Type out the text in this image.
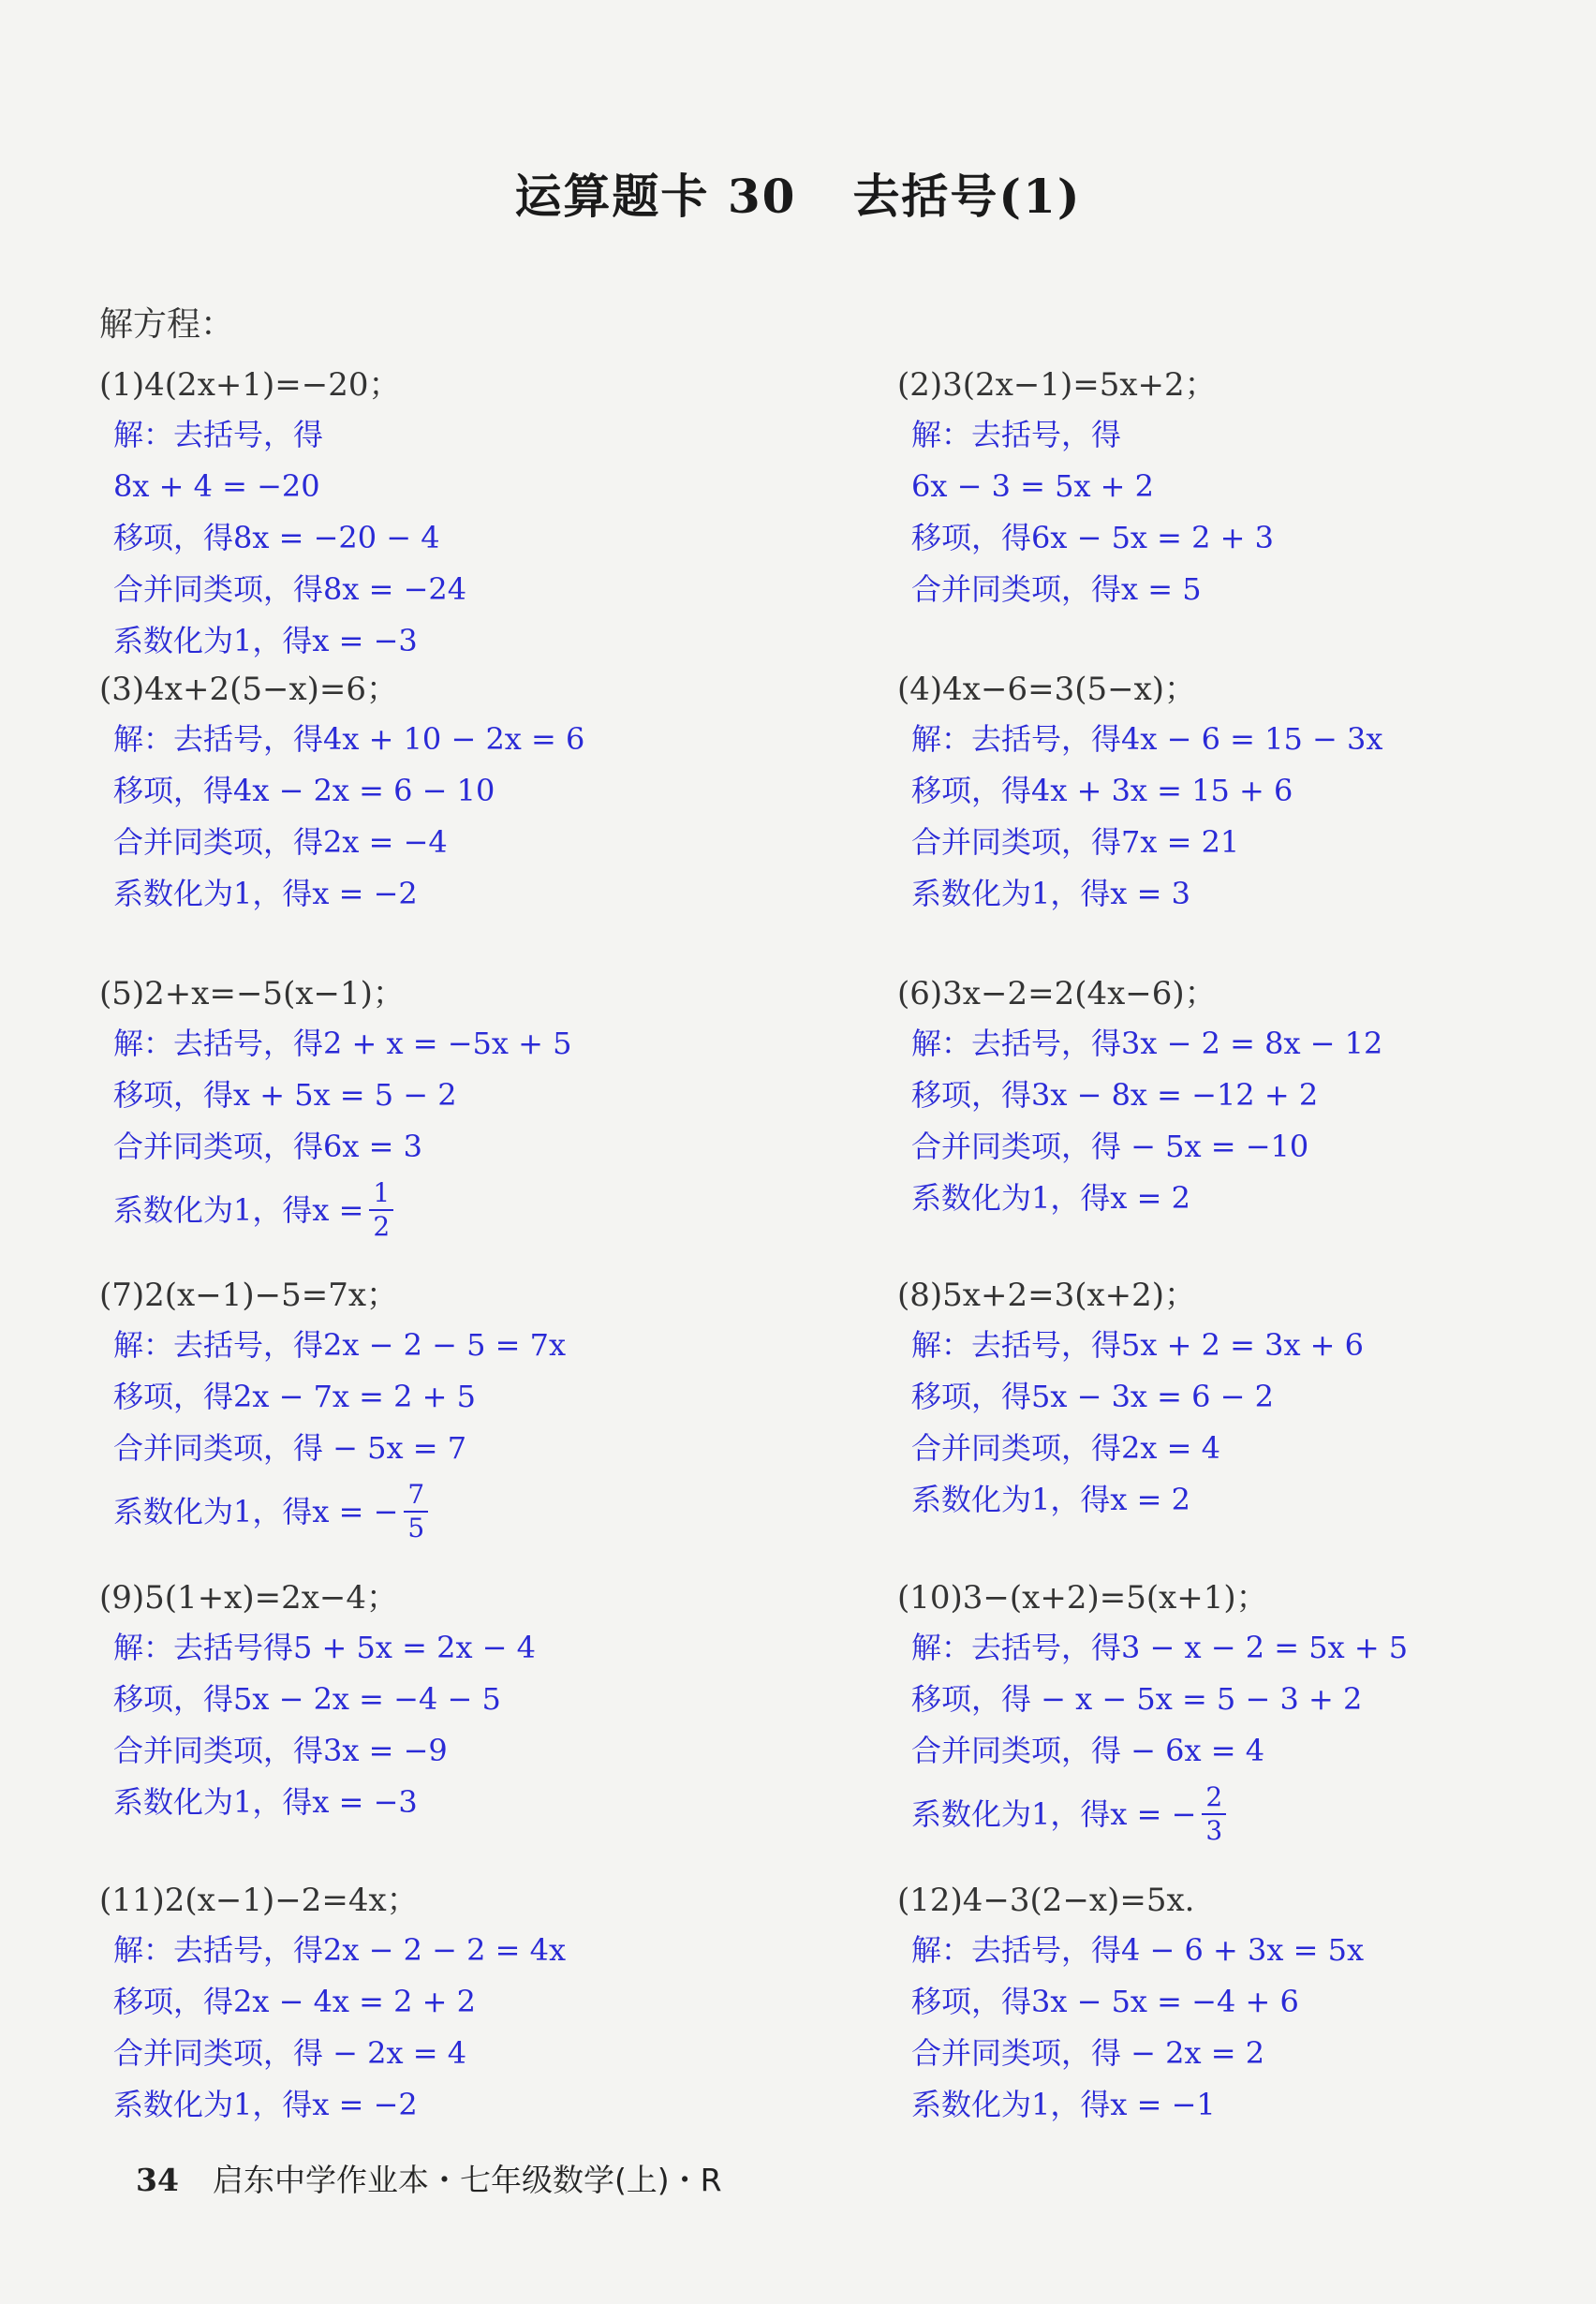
运算题卡 30 去括号(1)
解方程：
(1)4(2x+1)=−20；
解：去括号，得
8x + 4 = −20
移项，得8x = −20 − 4
合并同类项，得8x = −24
系数化为1，得x = −3
(2)3(2x−1)=5x+2；
解：去括号，得
6x − 3 = 5x + 2
移项，得6x − 5x = 2 + 3
合并同类项，得x = 5
(3)4x+2(5−x)=6；
解：去括号，得4x + 10 − 2x = 6
移项，得4x − 2x = 6 − 10
合并同类项，得2x = −4
系数化为1，得x = −2
(4)4x−6=3(5−x)；
解：去括号，得4x − 6 = 15 − 3x
移项，得4x + 3x = 15 + 6
合并同类项，得7x = 21
系数化为1，得x = 3
(5)2+x=−5(x−1)；
解：去括号，得2 + x = −5x + 5
移项，得x + 5x = 5 − 2
合并同类项，得6x = 3
系数化为1，得$x = \frac{1}{2}$
(6)3x−2=2(4x−6)；
解：去括号，得3x − 2 = 8x − 12
移项，得3x − 8x = −12 + 2
合并同类项，得 − 5x = −10
系数化为1，得x = 2
(7)2(x−1)−5=7x；
解：去括号，得2x − 2 − 5 = 7x
移项，得2x − 7x = 2 + 5
合并同类项，得 − 5x = 7
系数化为1，得x = − $\frac{7}{5}$
(8)5x+2=3(x+2)；
解：去括号，得5x + 2 = 3x + 6
移项，得5x − 3x = 6 − 2
合并同类项，得2x = 4
系数化为1，得x = 2
(9)5(1+x)=2x−4；
解：去括号得5 + 5x = 2x − 4
移项，得5x − 2x = −4 − 5
合并同类项，得3x = −9
系数化为1，得x = −3
(10)3−(x+2)=5(x+1)；
解：去括号，得3 − x − 2 = 5x + 5
移项，得 − x − 5x = 5 − 3 + 2
合并同类项，得 − 6x = 4
系数化为1，得x = − $\frac{2}{3}$
(11)2(x−1)−2=4x；
解：去括号，得2x − 2 − 2 = 4x
移项，得2x − 4x = 2 + 2
合并同类项，得 − 2x = 4
系数化为1，得x = −2
(12)4−3(2−x)=5x.
解：去括号，得4 − 6 + 3x = 5x
移项，得3x − 5x = −4 + 6
合并同类项，得 − 2x = 2
系数化为1，得x = −1
34 启东中学作业本・七年级数学(上)・R
